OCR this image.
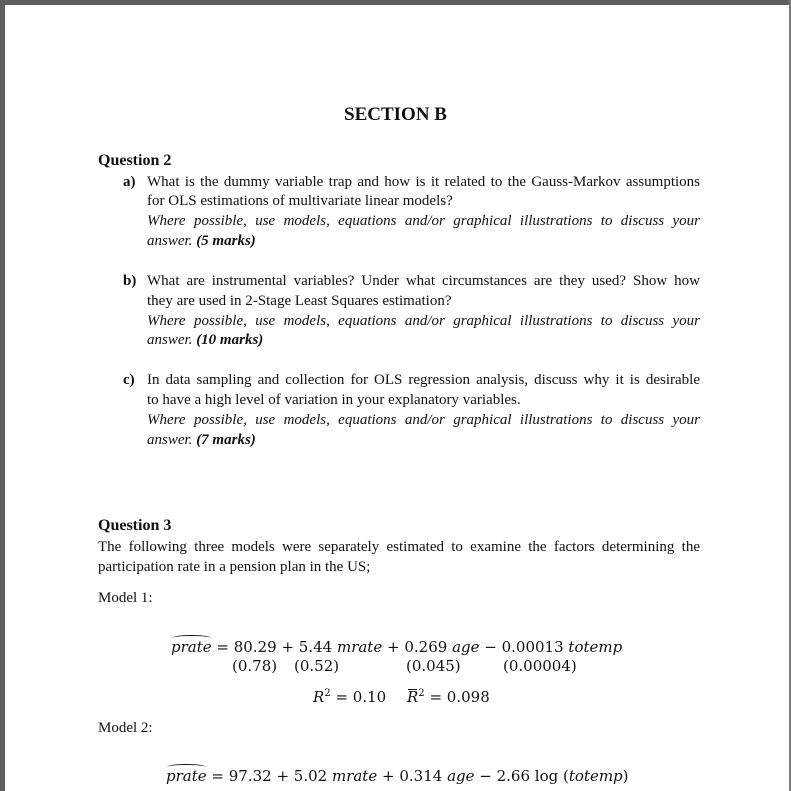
SECTION B
Question 2
a) What is the dummy variable trap and how is it related to the Gauss-Markov assumptions
for OLS estimations of multivariate linear models?
Where possible, use models, equations and/or graphical illustrations to discuss your
answer. (5 marks)
b) What are instrumental variables? Under what circumstances are they used? Show how
they are used in 2-Stage Least Squares estimation?
Where possible, use models, equations and/or graphical illustrations to discuss your
answer. (10 marks)
c) In data sampling and collection for OLS regression analysis, discuss why it is desirable
to have a high level of variation in your explanatory variables.
Where possible, use models, equations and/or graphical illustrations to discuss your
answer. (7 marks)
Question 3
The following three models were separately estimated to examine the factors determining the
participation rate in a pension plan in the US;
Model 1:
prate = 80.29 + 5.44 mrate + 0.269 age − 0.00013 totemp
(0.78) (0.52)	(0.045)	(0.00004)
$R^2 = 0.10$ $R^2 = 0.098$
Model 2:
prate = 97.32 + 5.02 mrate + 0.314 age − 2.66 log (totemp)
